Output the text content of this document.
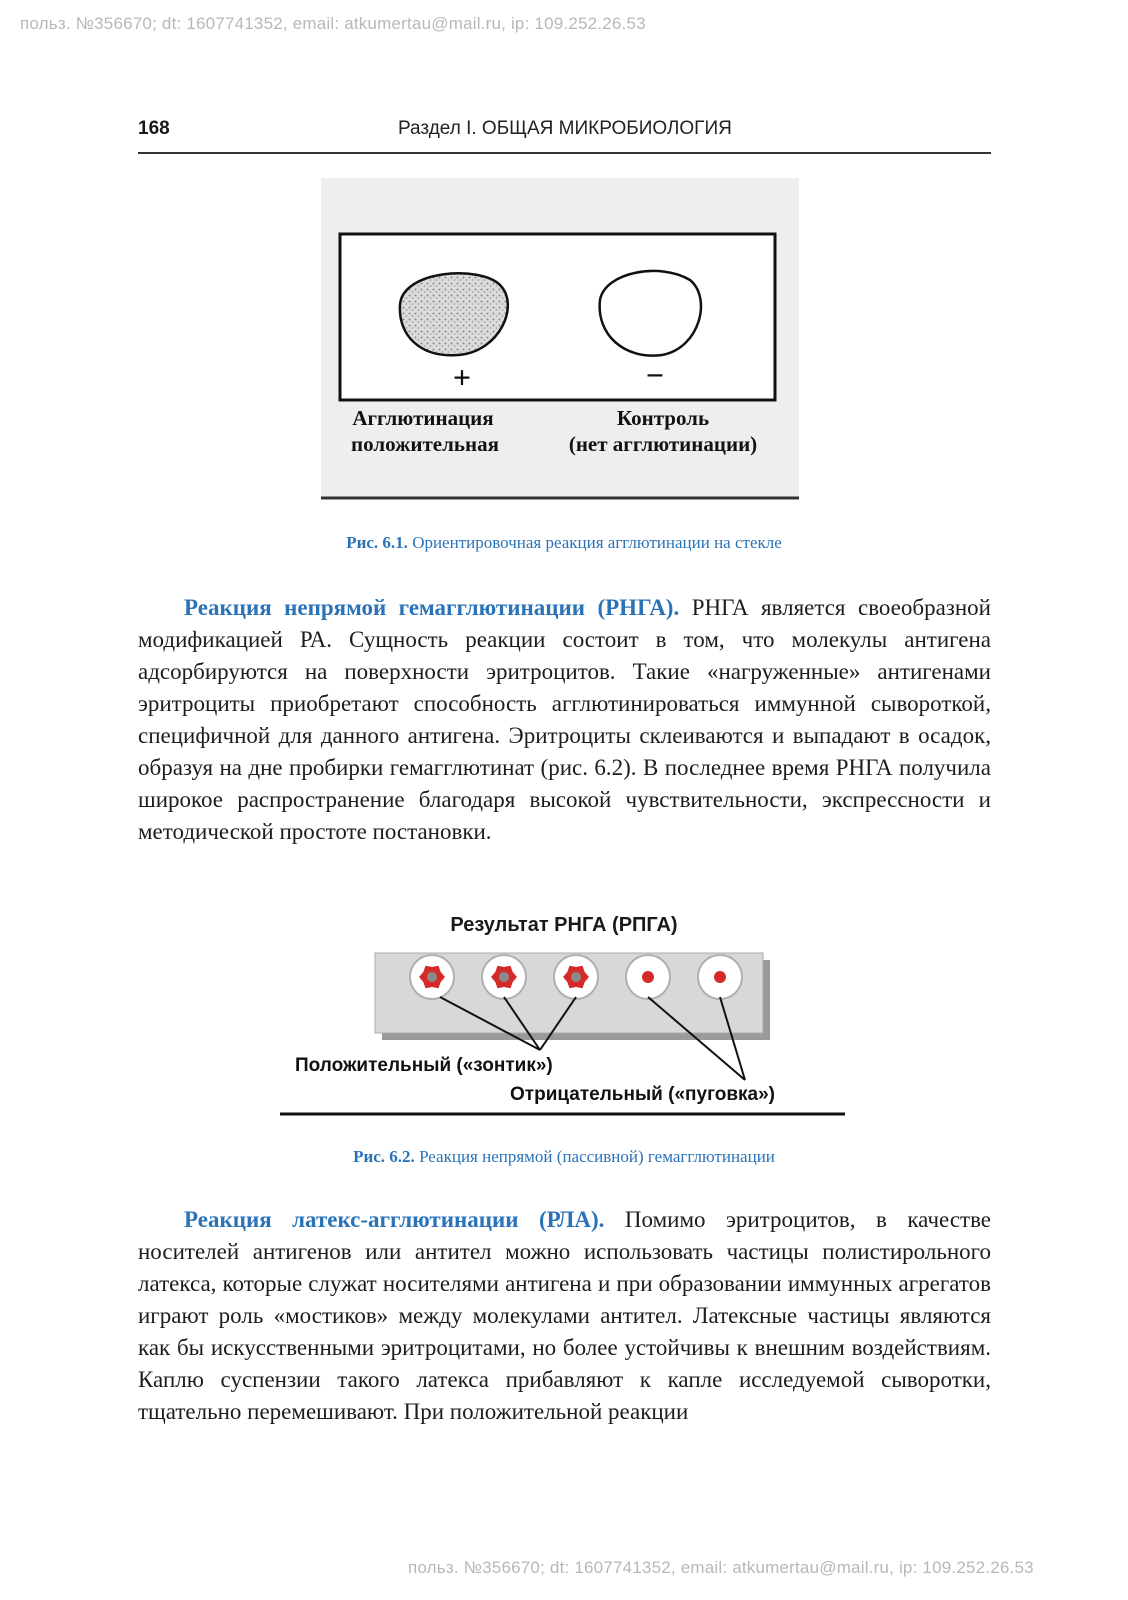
польз. №356670; dt: 1607741352, email: atkumertau@mail.ru, ip: 109.252.26.53
168	Раздел I. ОБЩАЯ МИКРОБИОЛОГИЯ
+	−
Агглютинация
положительная
Контроль
(нет агглютинации)
Рис. 6.1. Ориентировочная реакция агглютинации на стекле
Реакция непрямой гемагглютинации (РНГА). РНГА является своеобразной модификацией РА. Сущность реакции состоит в том, что молекулы антигена адсорбируются на поверхности эритроцитов. Такие «нагруженные» антигенами эритроциты приобретают способность агглютинироваться иммунной сывороткой, специфичной для данного антигена. Эритроциты склеиваются и выпадают в осадок, образуя на дне пробирки гемагглютинат (рис. 6.2). В последнее время РНГА получила широкое распространение благодаря высокой чувствительности, экспрессности и методической простоте постановки.
Результат РНГА (РПГА)
Положительный («зонтик»)
Отрицательный («пуговка»)
Рис. 6.2. Реакция непрямой (пассивной) гемагглютинации
Реакция латекс-агглютинации (РЛА). Помимо эритроцитов, в качестве носителей антигенов или антител можно использовать частицы полистирольного латекса, которые служат носителями антигена и при образовании иммунных агрегатов играют роль «мостиков» между молекулами антител. Латексные частицы являются как бы искусственными эритроцитами, но более устойчивы к внешним воздействиям. Каплю суспензии такого латекса прибавляют к капле исследуемой сыворотки, тщательно перемешивают. При положительной реакции
польз. №356670; dt: 1607741352, email: atkumertau@mail.ru, ip: 109.252.26.53
